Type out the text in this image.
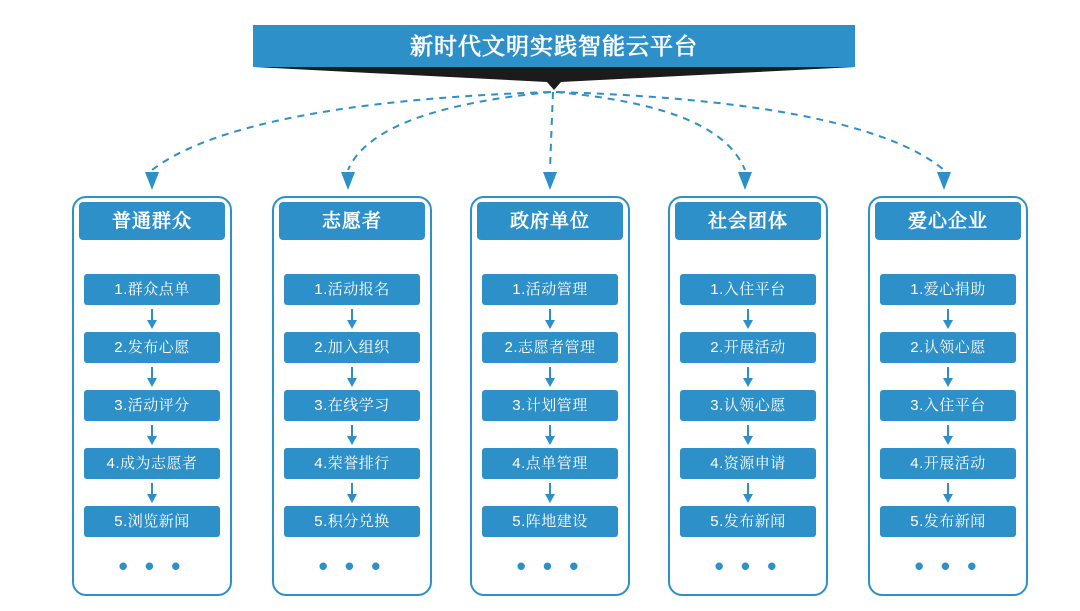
新时代文明实践智能云平台
普通群众
1.群众点单
2.发布心愿
3.活动评分
4.成为志愿者
5.浏览新闻
• • •
志愿者
1.活动报名
2.加入组织
3.在线学习
4.荣誉排行
5.积分兑换
• • •
政府单位
1.活动管理
2.志愿者管理
3.计划管理
4.点单管理
5.阵地建设
• • •
社会团体
1.入住平台
2.开展活动
3.认领心愿
4.资源申请
5.发布新闻
• • •
爱心企业
1.爱心捐助
2.认领心愿
3.入住平台
4.开展活动
5.发布新闻
• • •
